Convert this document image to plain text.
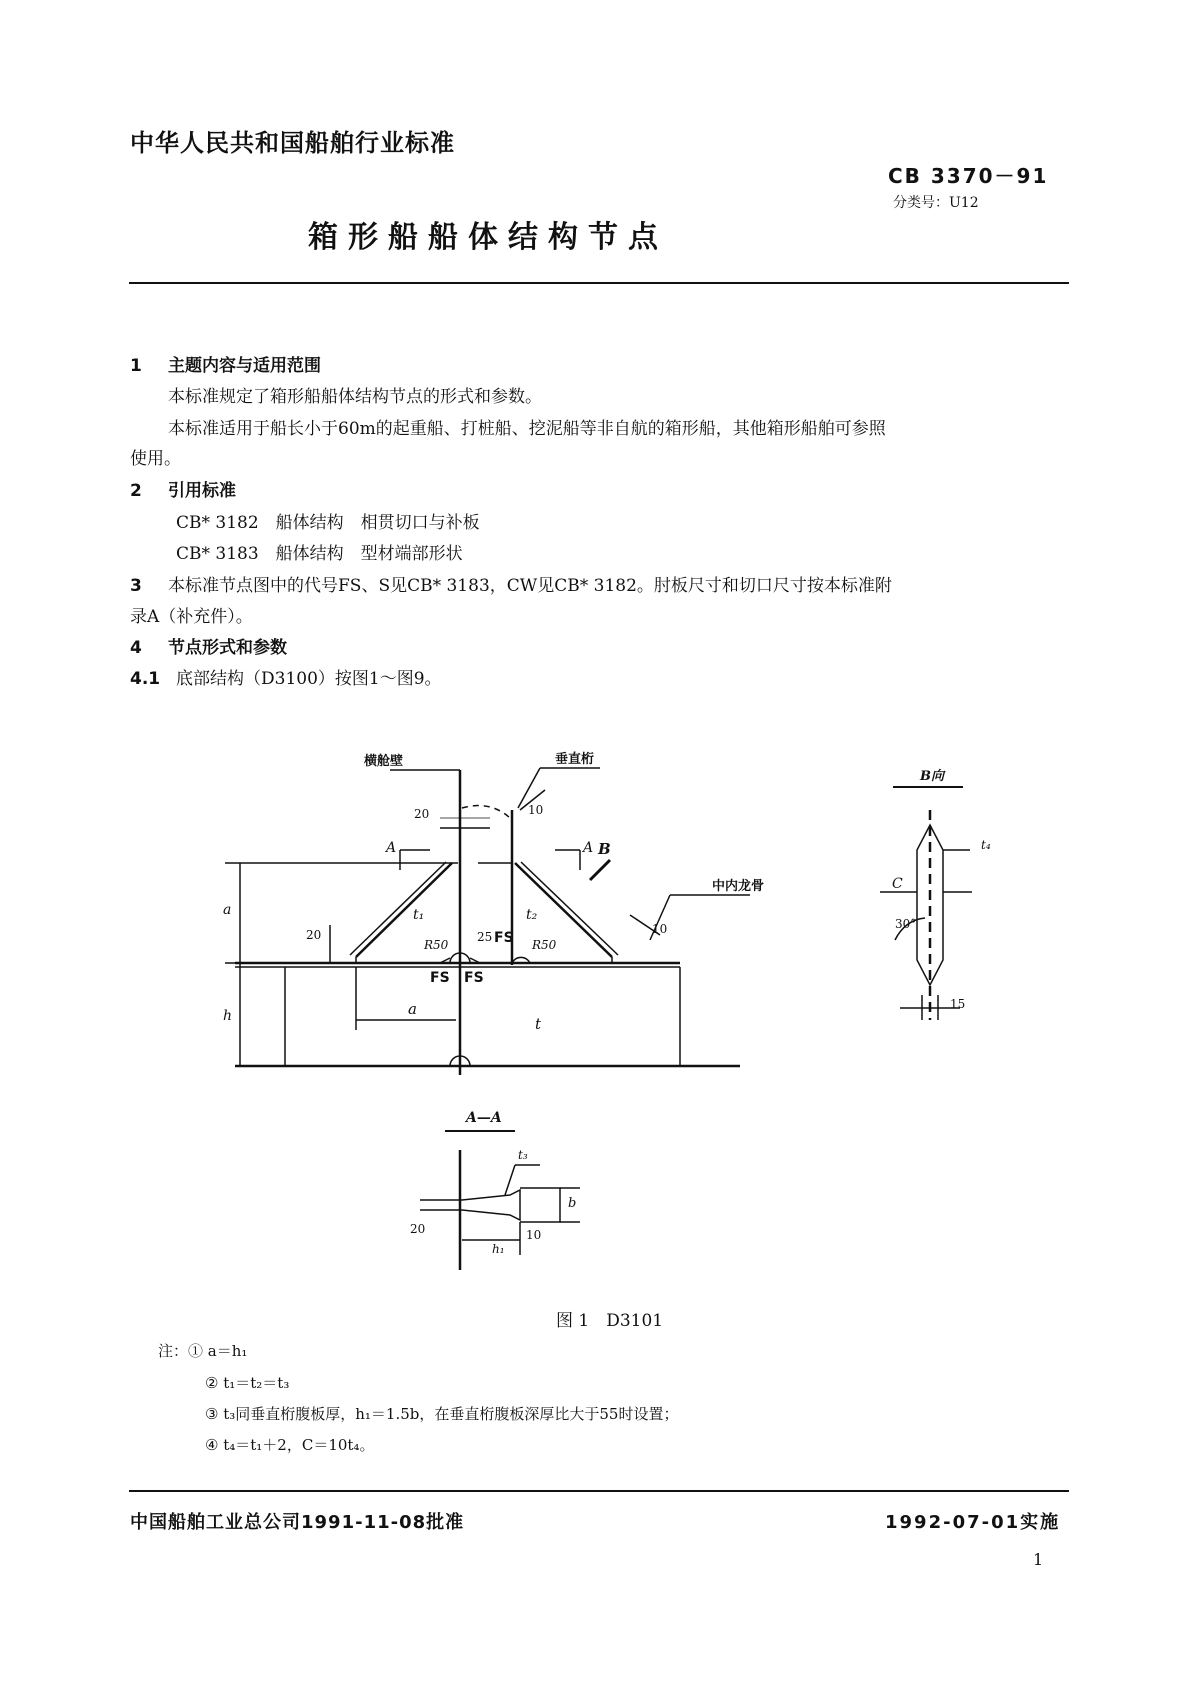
中华人民共和国船舶行业标准
CB 3370－91
分类号：U12
箱形船船体结构节点
1 主题内容与适用范围
本标准规定了箱形船船体结构节点的形式和参数。
本标准适用于船长小于60m的起重船、打桩船、挖泥船等非自航的箱形船，其他箱形船舶可参照
使用。
2 引用标准
CB* 3182　船体结构　相贯切口与补板
CB* 3183　船体结构　型材端部形状
3 本标准节点图中的代号FS、S见CB* 3183，CW见CB* 3182。肘板尺寸和切口尺寸按本标准附
录A（补充件）。
4 节点形式和参数
4.1 底部结构（D3100）按图1～图9。
横舱壁	垂直桁
中内龙骨
B向
A—A
A	A B
a
h	a
t
t₁	t₂
R50	R50
FS FS
FS
20
20
10
10
25
t₄
C
30°
15
t₃
b
h₁
20	10
图 1　D3101
注：① a＝h₁
② t₁＝t₂＝t₃
③ t₃同垂直桁腹板厚，h₁＝1.5b，在垂直桁腹板深厚比大于55时设置；
④ t₄＝t₁＋2，C＝10t₄。
中国船舶工业总公司1991-11-08批准	1992-07-01实施
1
